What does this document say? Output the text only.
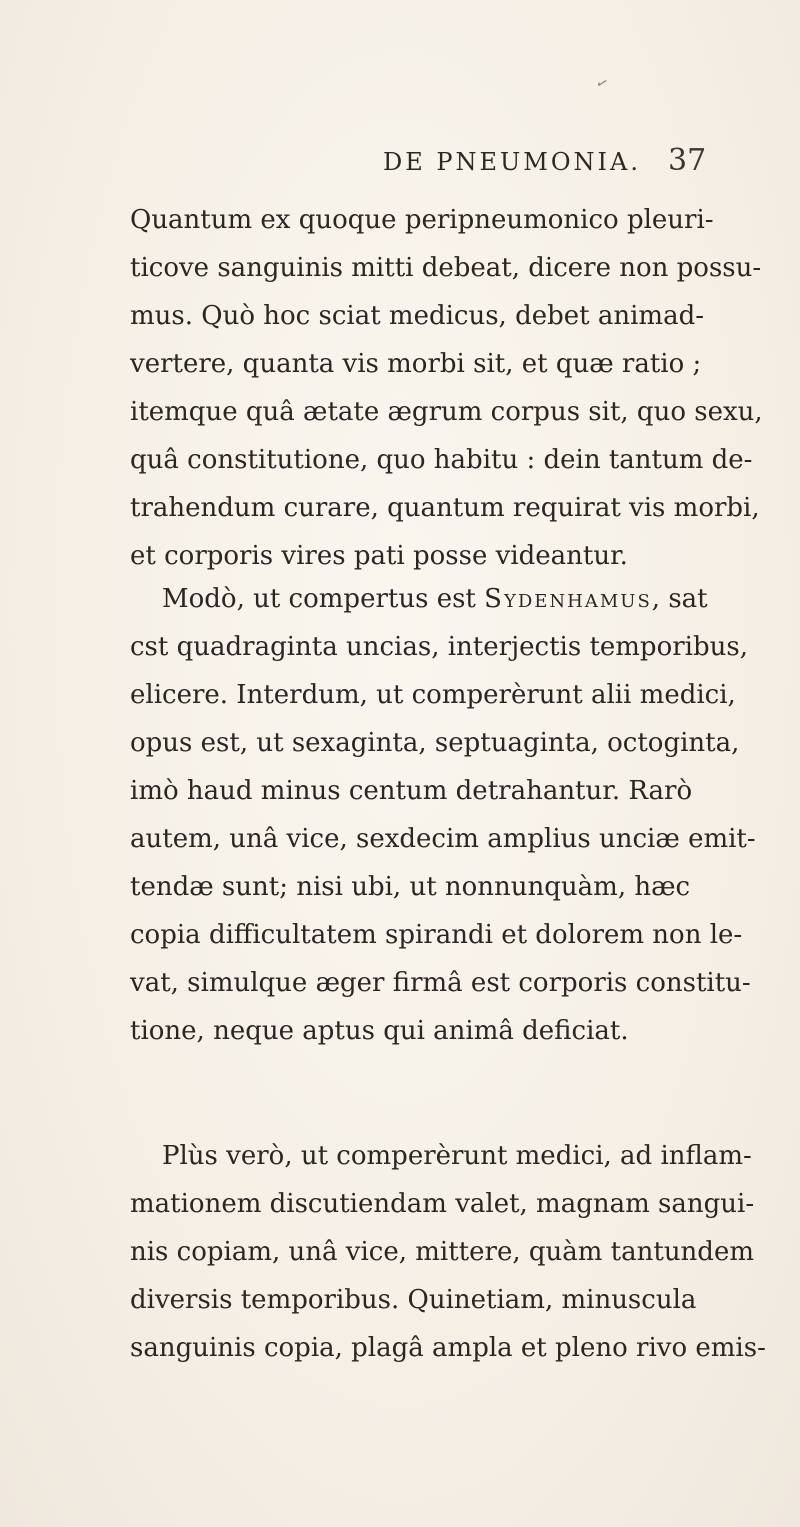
✓
DE PNEUMONIA. 37
Quantum ex quoque peripneumonico pleuri-
ticove sanguinis mitti debeat, dicere non possu-
mus. Quò hoc sciat medicus, debet animad-
vertere, quanta vis morbi sit, et quæ ratio ;
itemque quâ ætate ægrum corpus sit, quo sexu,
quâ constitutione, quo habitu : dein tantum de-
trahendum curare, quantum requirat vis morbi,
et corporis vires pati posse videantur.
Modò, ut compertus est Sydenhamus, sat
cst quadraginta uncias, interjectis temporibus,
elicere. Interdum, ut comperèrunt alii medici,
opus est, ut sexaginta, septuaginta, octoginta,
imò haud minus centum detrahantur. Rarò
autem, unâ vice, sexdecim amplius unciæ emit-
tendæ sunt; nisi ubi, ut nonnunquàm, hæc
copia difficultatem spirandi et dolorem non le-
vat, simulque æger firmâ est corporis constitu-
tione, neque aptus qui animâ deficiat.
Plùs verò, ut comperèrunt medici, ad inflam-
mationem discutiendam valet, magnam sangui-
nis copiam, unâ vice, mittere, quàm tantundem
diversis temporibus. Quinetiam, minuscula
sanguinis copia, plagâ ampla et pleno rivo emis-
